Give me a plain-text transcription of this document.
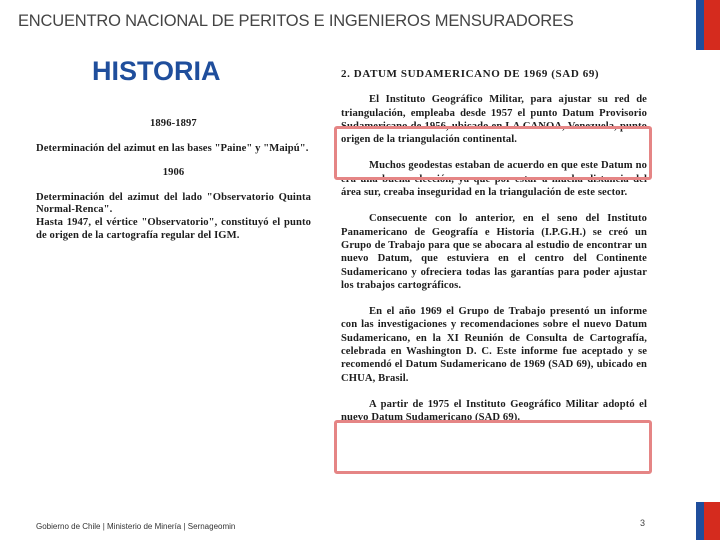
ENCUENTRO NACIONAL DE PERITOS E INGENIEROS MENSURADORES
HISTORIA
1896-1897

Determinación del azimut en las bases "Paine" y "Maipú".

1906

Determinación del azimut del lado "Observatorio Quinta Normal-Renca".

Hasta 1947, el vértice "Observatorio", constituyó el punto de origen de la cartografía regular del IGM.

2. DATUM SUDAMERICANO DE 1969 (SAD 69)

El Instituto Geográfico Militar, para ajustar su red de triangulación, empleaba desde 1957 el punto Datum Provisorio Sudamericano de 1956, ubicado en LA CANOA, Venezuela, punto origen de la triangulación continental.

Muchos geodestas estaban de acuerdo en que este Datum no era una buena elección, ya que por estar a mucha distancia del área sur, creaba inseguridad en la triangulación de este sector.

Consecuente con lo anterior, en el seno del Instituto Panamericano de Geografía e Historia (I.P.G.H.) se creó un Grupo de Trabajo para que se abocara al estudio de encontrar un nuevo Datum, que estuviera en el centro del Continente Sudamericano y ofreciera todas las garantías para poder ajustar los trabajos cartográficos.

En el año 1969 el Grupo de Trabajo presentó un informe con las investigaciones y recomendaciones sobre el nuevo Datum Sudamericano, en la XI Reunión de Consulta de Cartografía, celebrada en Washington D. C. Este informe fue aceptado y se recomendó el Datum Sudamericano de 1969 (SAD 69), ubicado en CHUA, Brasil.

A partir de 1975 el Instituto Geográfico Militar adoptó el nuevo Datum Sudamericano (SAD 69).

Gobierno de Chile | Ministerio de Minería | Sernageomin	3
